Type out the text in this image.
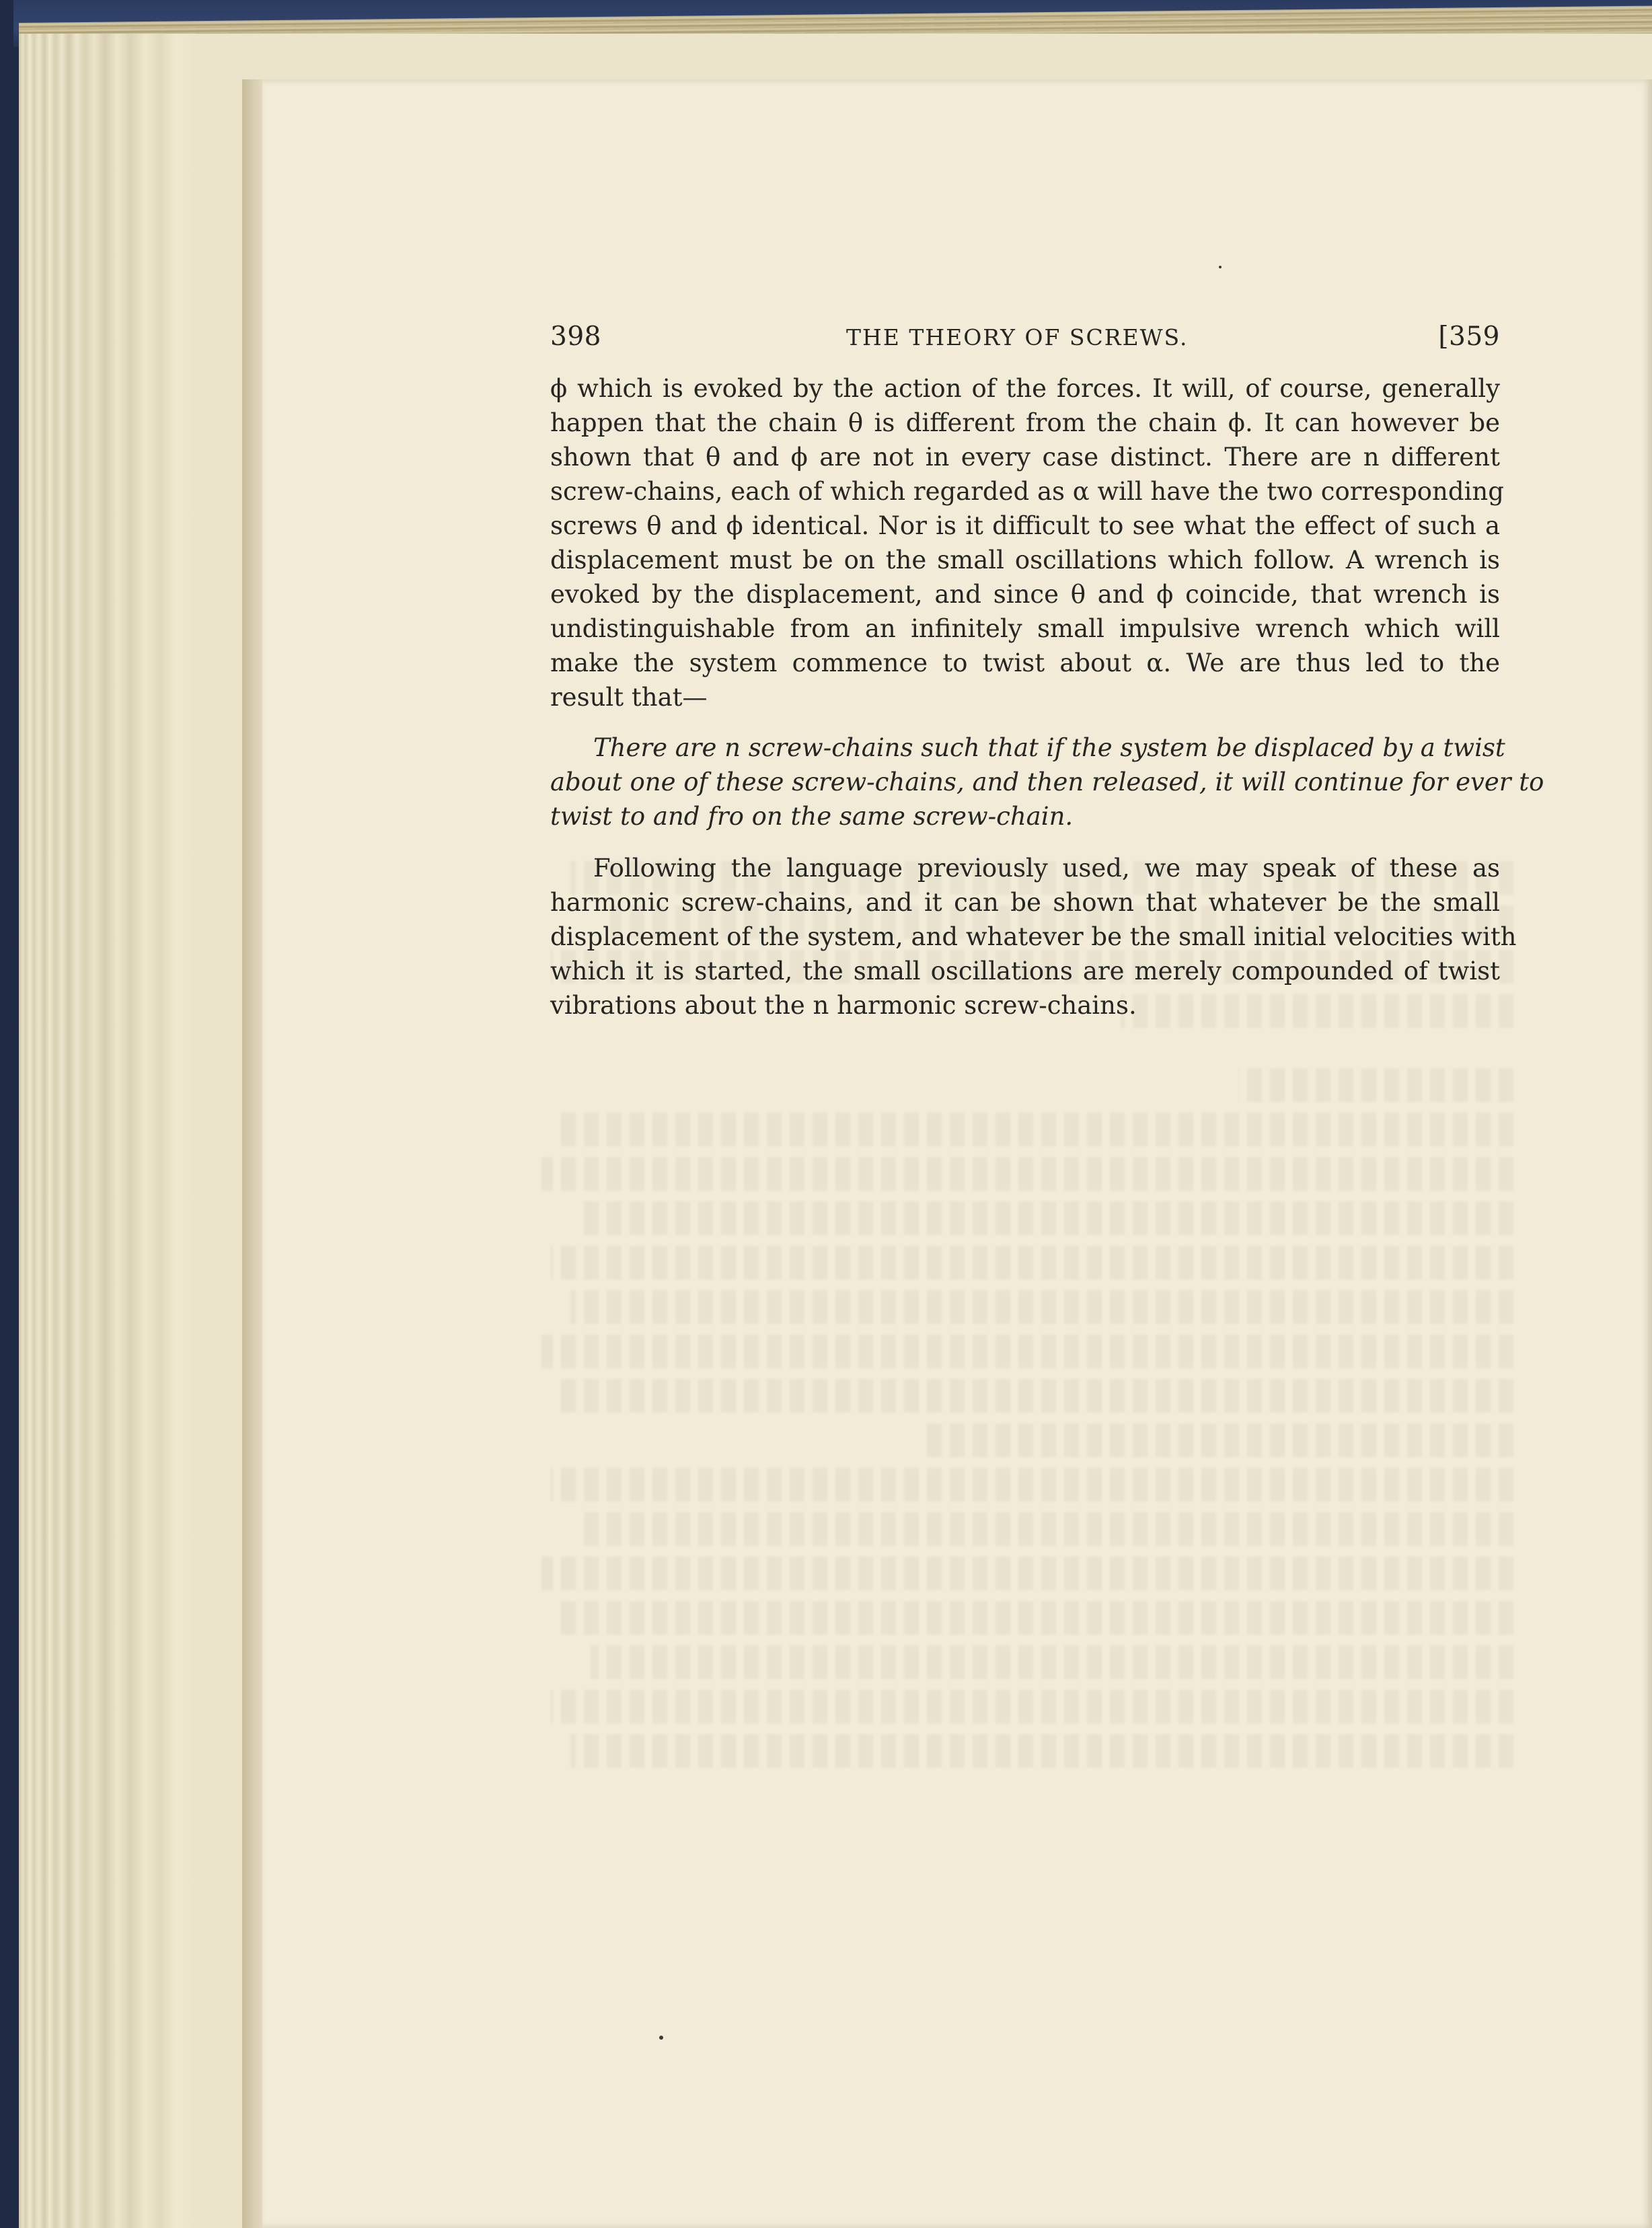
398	THE THEORY OF SCREWS.	[359

ϕ which is evoked by the action of the forces. It will, of course, generally
happen that the chain θ is different from the chain ϕ. It can however be
shown that θ and ϕ are not in every case distinct. There are n different
screw-chains, each of which regarded as α will have the two corresponding
screws θ and ϕ identical. Nor is it difficult to see what the effect of such a
displacement must be on the small oscillations which follow. A wrench is
evoked by the displacement, and since θ and ϕ coincide, that wrench is
undistinguishable from an infinitely small impulsive wrench which will
make the system commence to twist about α. We are thus led to the
result that—

There are n screw-chains such that if the system be displaced by a twist
about one of these screw-chains, and then released, it will continue for ever to
twist to and fro on the same screw-chain.

Following the language previously used, we may speak of these as
harmonic screw-chains, and it can be shown that whatever be the small
displacement of the system, and whatever be the small initial velocities with
which it is started, the small oscillations are merely compounded of twist
vibrations about the n harmonic screw-chains.
